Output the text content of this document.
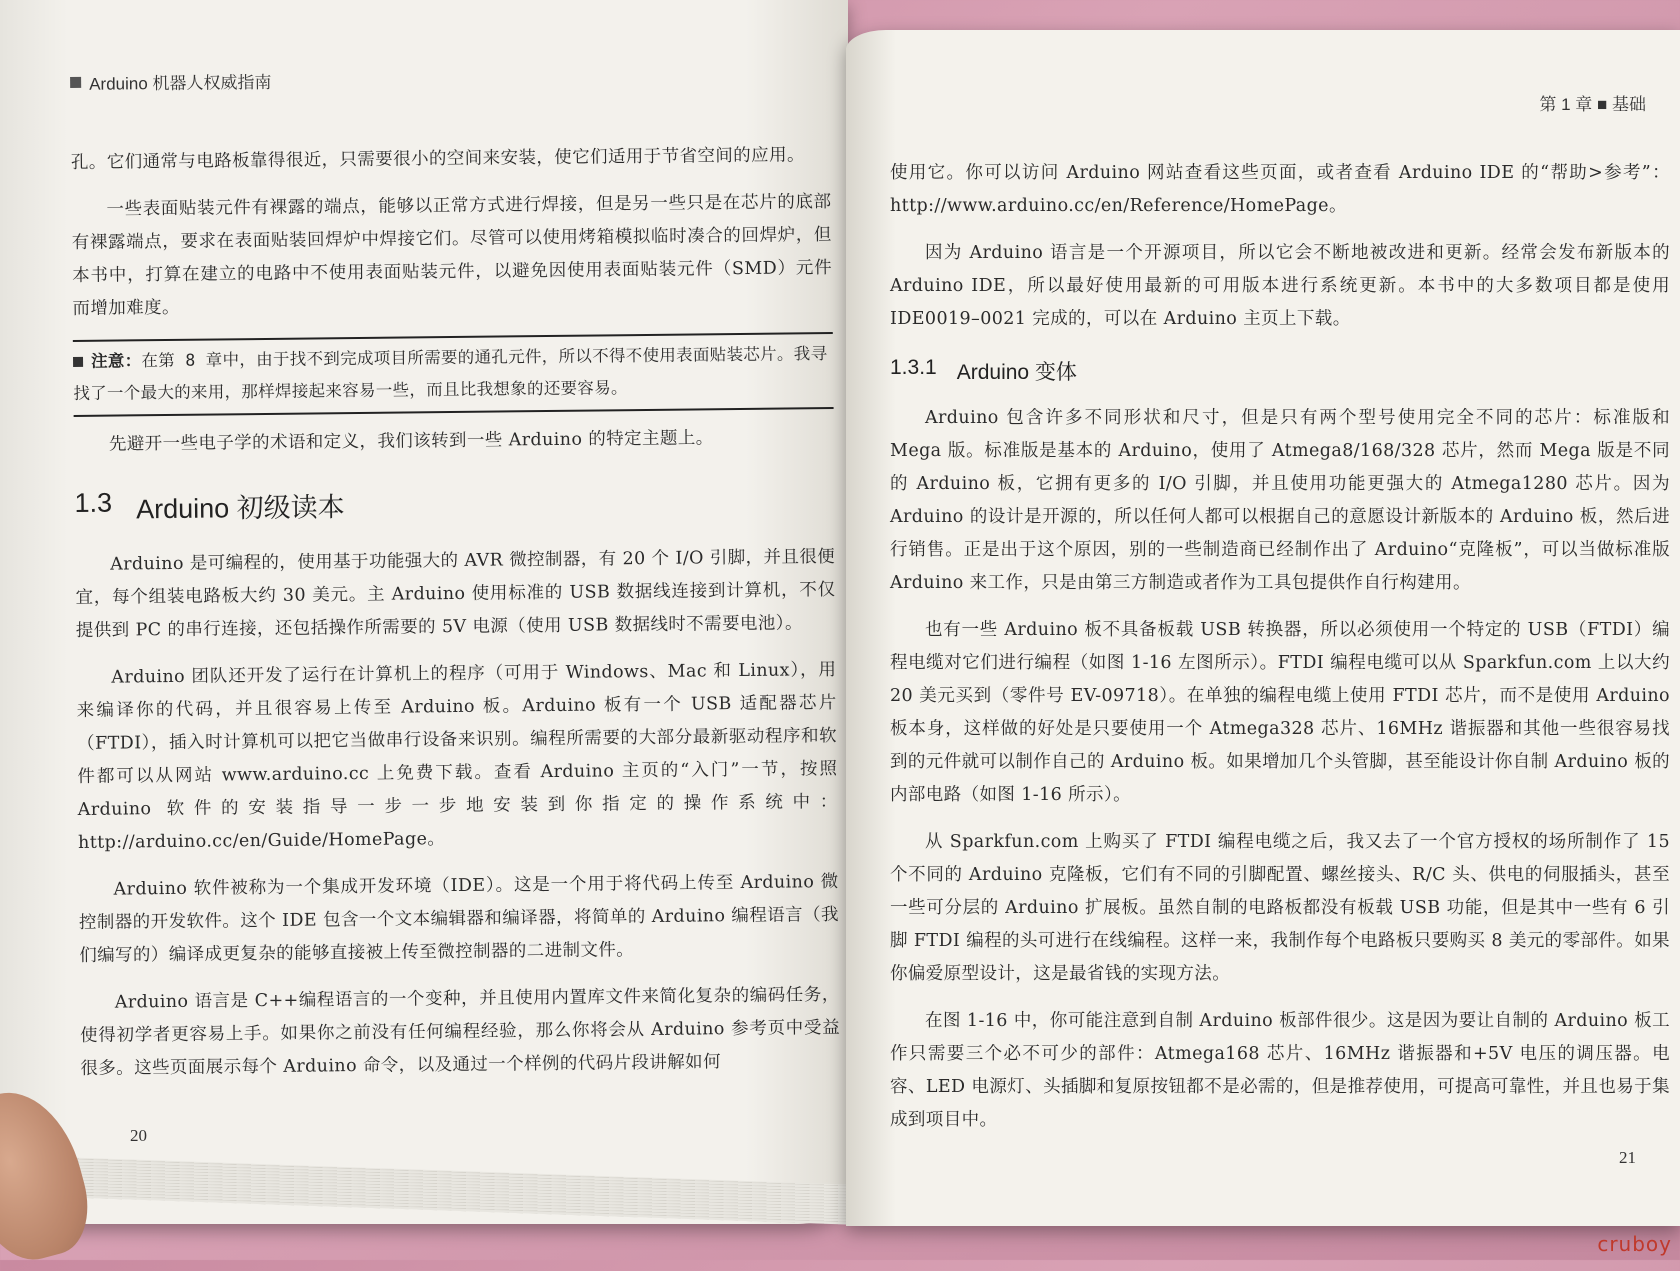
Arduino 机器人权威指南

孔。它们通常与电路板靠得很近，只需要很小的空间来安装，使它们适用于节省空间的应用。

一些表面贴装元件有裸露的端点，能够以正常方式进行焊接，但是另一些只是在芯片的底部有裸露端点，要求在表面贴装回焊炉中焊接它们。尽管可以使用烤箱模拟临时凑合的回焊炉，但本书中，打算在建立的电路中不使用表面贴装元件，以避免因使用表面贴装元件（SMD）元件而增加难度。

注意：在第 8 章中，由于找不到完成项目所需要的通孔元件，所以不得不使用表面贴装芯片。我寻找了一个最大的来用，那样焊接起来容易一些，而且比我想象的还要容易。

先避开一些电子学的术语和定义，我们该转到一些 Arduino 的特定主题上。

1.3 Arduino 初级读本

Arduino 是可编程的，使用基于功能强大的 AVR 微控制器，有 20 个 I/O 引脚，并且很便宜，每个组装电路板大约 30 美元。主 Arduino 使用标准的 USB 数据线连接到计算机，不仅提供到 PC 的串行连接，还包括操作所需要的 5V 电源（使用 USB 数据线时不需要电池）。

Arduino 团队还开发了运行在计算机上的程序（可用于 Windows、Mac 和 Linux），用来编译你的代码，并且很容易上传至 Arduino 板。Arduino 板有一个 USB 适配器芯片（FTDI），插入时计算机可以把它当做串行设备来识别。编程所需要的大部分最新驱动程序和软件都可以从网站 www.arduino.cc 上免费下载。查看 Arduino 主页的“入门”一节，按照 Arduino 软件的安装指导一步一步地安装到你指定的操作系统中：http://arduino.cc/en/Guide/HomePage。

Arduino 软件被称为一个集成开发环境（IDE）。这是一个用于将代码上传至 Arduino 微控制器的开发软件。这个 IDE 包含一个文本编辑器和编译器，将简单的 Arduino 编程语言（我们编写的）编译成更复杂的能够直接被上传至微控制器的二进制文件。

Arduino 语言是 C++编程语言的一个变种，并且使用内置库文件来简化复杂的编码任务，使得初学者更容易上手。如果你之前没有任何编程经验，那么你将会从 Arduino 参考页中受益很多。这些页面展示每个 Arduino 命令，以及通过一个样例的代码片段讲解如何

20
第 1 章 ■ 基础

使用它。你可以访问 Arduino 网站查看这些页面，或者查看 Arduino IDE 的“帮助>参考”：http://www.arduino.cc/en/Reference/HomePage。

因为 Arduino 语言是一个开源项目，所以它会不断地被改进和更新。经常会发布新版本的 Arduino IDE，所以最好使用最新的可用版本进行系统更新。本书中的大多数项目都是使用 IDE0019–0021 完成的，可以在 Arduino 主页上下载。

1.3.1 Arduino 变体

Arduino 包含许多不同形状和尺寸，但是只有两个型号使用完全不同的芯片：标准版和 Mega 版。标准版是基本的 Arduino，使用了 Atmega8/168/328 芯片，然而 Mega 版是不同的 Arduino 板，它拥有更多的 I/O 引脚，并且使用功能更强大的 Atmega1280 芯片。因为 Arduino 的设计是开源的，所以任何人都可以根据自己的意愿设计新版本的 Arduino 板，然后进行销售。正是出于这个原因，别的一些制造商已经制作出了 Arduino“克隆板”，可以当做标准版 Arduino 来工作，只是由第三方制造或者作为工具包提供作自行构建用。

也有一些 Arduino 板不具备板载 USB 转换器，所以必须使用一个特定的 USB（FTDI）编程电缆对它们进行编程（如图 1-16 左图所示）。FTDI 编程电缆可以从 Sparkfun.com 上以大约 20 美元买到（零件号 EV-09718）。在单独的编程电缆上使用 FTDI 芯片，而不是使用 Arduino 板本身，这样做的好处是只要使用一个 Atmega328 芯片、16MHz 谐振器和其他一些很容易找到的元件就可以制作自己的 Arduino 板。如果增加几个头管脚，甚至能设计你自制 Arduino 板的内部电路（如图 1-16 所示）。

从 Sparkfun.com 上购买了 FTDI 编程电缆之后，我又去了一个官方授权的场所制作了 15 个不同的 Arduino 克隆板，它们有不同的引脚配置、螺丝接头、R/C 头、供电的伺服插头，甚至一些可分层的 Arduino 扩展板。虽然自制的电路板都没有板载 USB 功能，但是其中一些有 6 引脚 FTDI 编程的头可进行在线编程。这样一来，我制作每个电路板只要购买 8 美元的零部件。如果你偏爱原型设计，这是最省钱的实现方法。

在图 1-16 中，你可能注意到自制 Arduino 板部件很少。这是因为要让自制的 Arduino 板工作只需要三个必不可少的部件：Atmega168 芯片、16MHz 谐振器和+5V 电压的调压器。电容、LED 电源灯、头插脚和复原按钮都不是必需的，但是推荐使用，可提高可靠性，并且也易于集成到项目中。

21
cruboy
